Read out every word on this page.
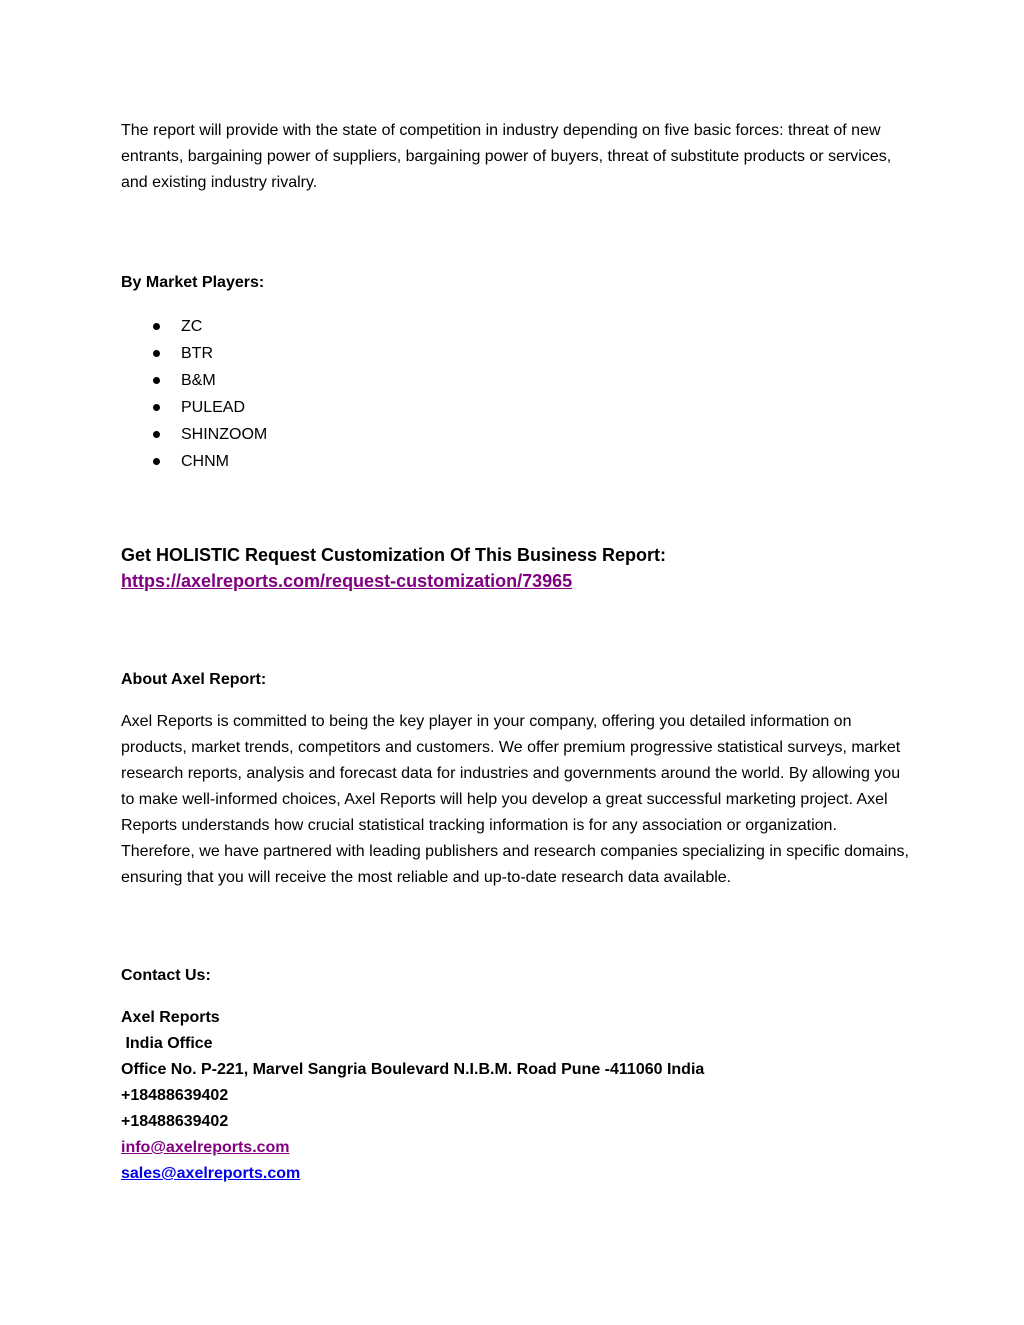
The report will provide with the state of competition in industry depending on five basic forces: threat of new entrants, bargaining power of suppliers, bargaining power of buyers, threat of substitute products or services, and existing industry rivalry.

By Market Players:

ZC
BTR
B&M
PULEAD
SHINZOOM
CHNM
Get HOLISTIC Request Customization Of This Business Report:
https://axelreports.com/request-customization/73965

About Axel Report:

Axel Reports is committed to being the key player in your company, offering you detailed information on products, market trends, competitors and customers. We offer premium progressive statistical surveys, market research reports, analysis and forecast data for industries and governments around the world. By allowing you to make well-informed choices, Axel Reports will help you develop a great successful marketing project. Axel Reports understands how crucial statistical tracking information is for any association or organization. Therefore, we have partnered with leading publishers and research companies specializing in specific domains, ensuring that you will receive the most reliable and up-to-date research data available.

Contact Us:

Axel Reports
India Office
Office No. P-221, Marvel Sangria Boulevard N.I.B.M. Road Pune -411060 India
+18488639402
+18488639402
info@axelreports.com
sales@axelreports.com
